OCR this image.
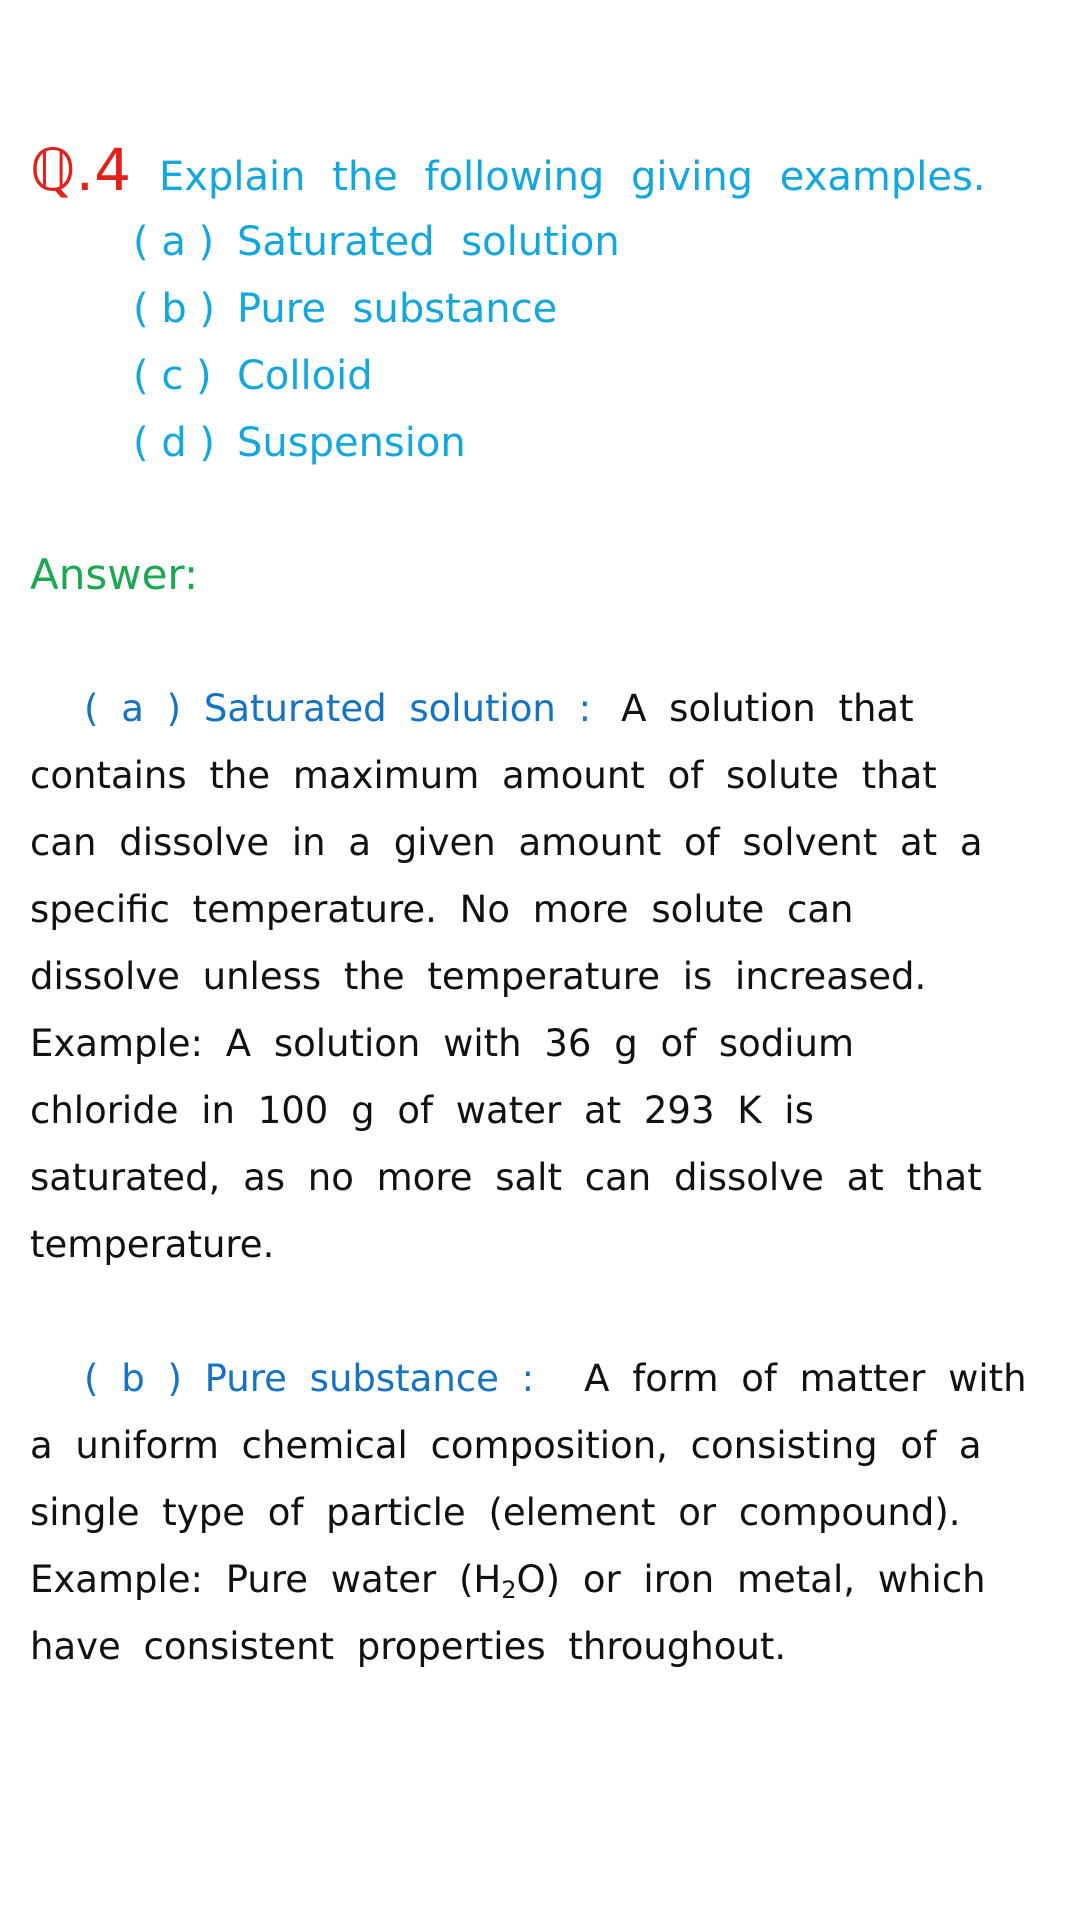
ℚ.4 Explain the following giving examples.
( a ) Saturated solution
( b ) Pure substance
( c ) Colloid
( d ) Suspension
Answer:
( a ) Saturated solution : A solution that
contains the maximum amount of solute that
can dissolve in a given amount of solvent at a
specific temperature. No more solute can
dissolve unless the temperature is increased.
Example: A solution with 36 g of sodium
chloride in 100 g of water at 293 K is
saturated, as no more salt can dissolve at that
temperature.
( b ) Pure substance : A form of matter with
a uniform chemical composition, consisting of a
single type of particle (element or compound).
Example: Pure water $(H_2O)$ or iron metal, which
have consistent properties throughout.
